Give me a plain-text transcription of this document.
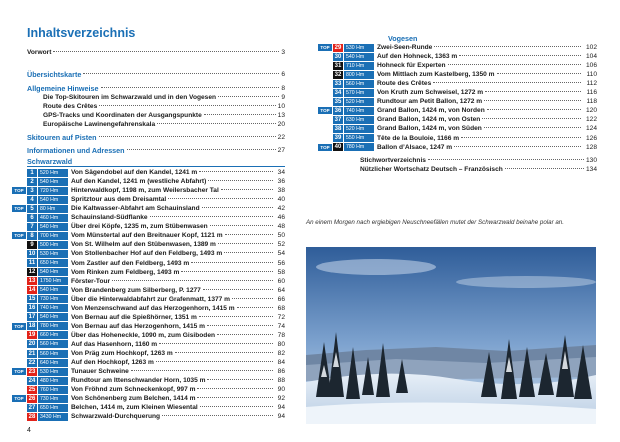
Inhaltsverzeichnis
Vorwort	3
Übersichtskarte	6
Allgemeine Hinweise	8
Die Top-Skitouren im Schwarzwald und in den Vogesen	9
Route des Crêtes	10
GPS-Tracks und Koordinaten der Ausgangspunkte	13
Europäische Lawinengefahrenskala	20
Skitouren auf Pisten	22
Informationen und Adressen	27
Schwarzwald
1	520 Hm	Von Sägendobel auf den Kandel, 1241 m	34
2	540 Hm	Auf den Kandel, 1241 m (westliche Abfahrt)	36
TOP	3	720 Hm	Hinterwaldkopf, 1198 m, zum Weilersbacher Tal	38
4	540 Hm	Spritztour aus dem Dreisamtal	40
TOP	5	80 Hm	Die Kaltwasser-Abfahrt am Schauinsland	42
6	460 Hm	Schauinsland-Südflanke	46
7	540 Hm	Über drei Köpfe, 1235 m, zum Stübenwasen	48
TOP	8	700 Hm	Vom Münstertal auf den Breitnauer Kopf, 1121 m	50
9	500 Hm	Von St. Wilhelm auf den Stübenwasen, 1389 m	52
10 530 Hm	Von Stollenbacher Hof auf den Feldberg, 1493 m	54
11 650 Hm	Vom Zastler auf den Feldberg, 1493 m	56
12 540 Hm	Vom Rinken zum Feldberg, 1493 m	58
13 1750 Hm	Förster-Tour	60
14 540 Hm	Von Brandenberg zum Silberberg, P. 1277	64
15 730 Hm	Über die Hinterwaldabfahrt zur Grafenmatt, 1377 m	66
16 740 Hm	Von Menzenschwand auf das Herzogenhorn, 1415 m	68
17 540 Hm	Von Bernau auf die Spießhörner, 1351 m	72
TOP 18 780 Hm	Von Bernau auf das Herzogenhorn, 1415 m	74
19 660 Hm	Über das Hoheneckle, 1090 m, zum Gisiboden	78
20 560 Hm	Auf das Hasenhorn, 1160 m	80
21 560 Hm	Von Präg zum Hochkopf, 1263 m	82
22 640 Hm	Auf den Hochkopf, 1263 m	84
TOP 23 530 Hm	Tunauer Schweine	86
24 480 Hm	Rundtour am Ittenschwander Horn, 1035 m	88
25 760 Hm	Von Fröhnd zum Schneckenkopf, 997 m	90
TOP 26 730 Hm	Von Schönenberg zum Belchen, 1414 m	92
27 650 Hm	Belchen, 1414 m, zum Kleinen Wiesental	94
28 3430 Hm	Schwarzwald-Durchquerung	94
Vogesen
TOP 29 530 Hm	Zwei-Seen-Runde	102
30 540 Hm	Auf den Hohneck, 1363 m	104
31 710 Hm	Hohneck für Experten	106
32 800 Hm	Vom Mittlach zum Kastelberg, 1350 m	110
33 560 Hm	Route des Crêtes	112
34 570 Hm	Von Kruth zum Schweisel, 1272 m	116
35 520 Hm	Rundtour am Petit Ballon, 1272 m	118
TOP 36 740 Hm	Grand Ballon, 1424 m, von Norden	120
37 630 Hm	Grand Ballon, 1424 m, von Osten	122
38 520 Hm	Grand Ballon, 1424 m, von Süden	124
39 550 Hm	Tête de la Bouloie, 1166 m	126
TOP 40 780 Hm	Ballon d’Alsace, 1247 m	128
Stichwortverzeichnis	130
Nützlicher Wortschatz Deutsch – Französisch	134
An einem Morgen nach ergiebigen Neuschneefällen mutet der Schwarzwald beinahe polar an.
4
